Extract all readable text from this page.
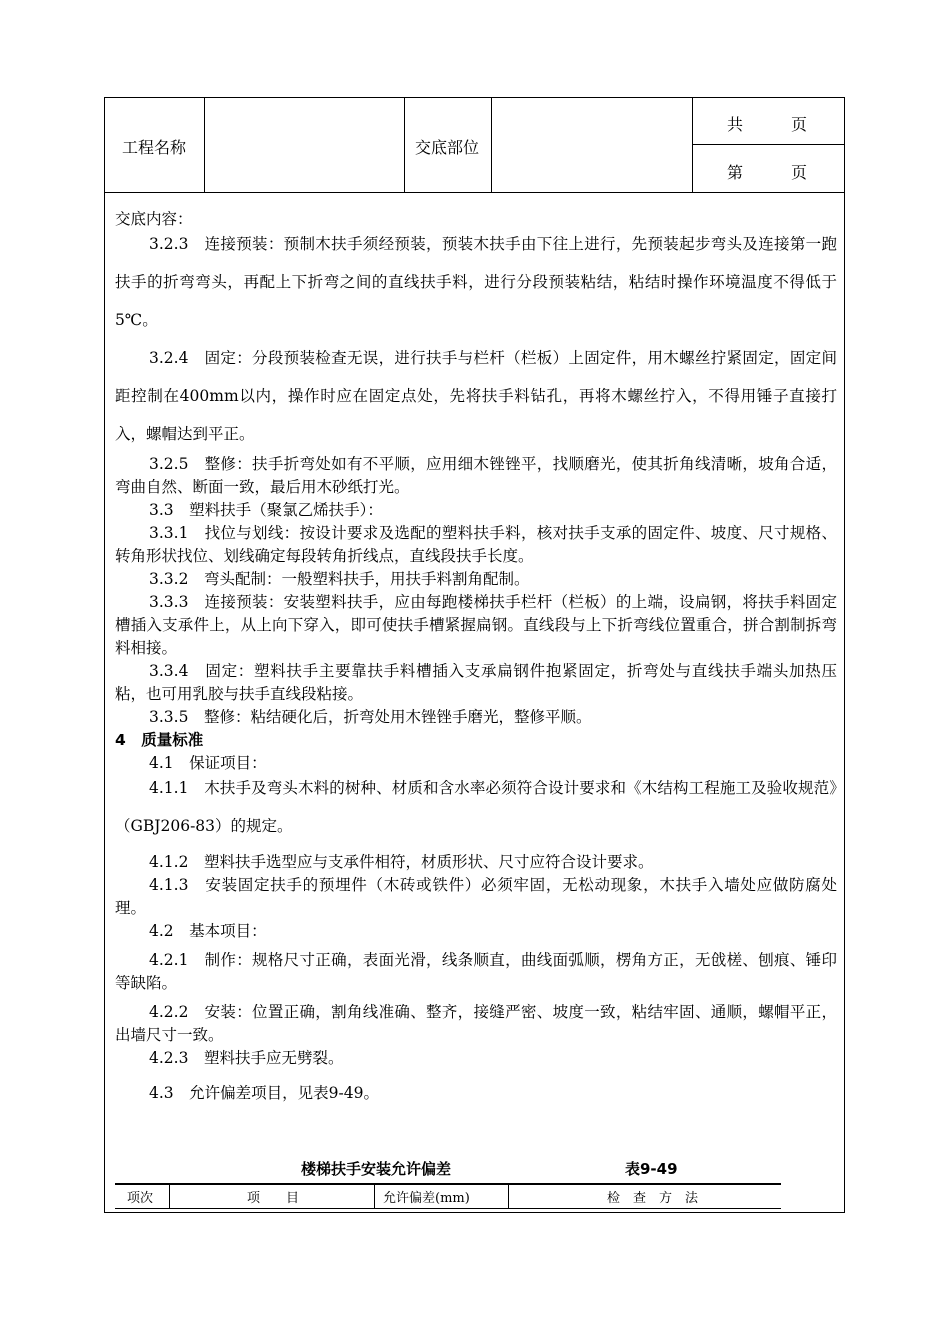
工程名称	交底部位
共　　　页
第　　　页

交底内容：

3.2.3　连接预装：预制木扶手须经预装，预装木扶手由下往上进行，先预装起步弯头及连接第一跑扶手的折弯弯头，再配上下折弯之间的直线扶手料，进行分段预装粘结，粘结时操作环境温度不得低于5℃。

3.2.4　固定：分段预装检查无误，进行扶手与栏杆（栏板）上固定件，用木螺丝拧紧固定，固定间距控制在400mm以内，操作时应在固定点处，先将扶手料钻孔，再将木螺丝拧入，不得用锤子直接打入，螺帽达到平正。

3.2.5　整修：扶手折弯处如有不平顺，应用细木锉锉平，找顺磨光，使其折角线清晰，坡角合适，弯曲自然、断面一致，最后用木砂纸打光。

3.3　塑料扶手（聚氯乙烯扶手）：

3.3.1　找位与划线：按设计要求及选配的塑料扶手料，核对扶手支承的固定件、坡度、尺寸规格、转角形状找位、划线确定每段转角折线点，直线段扶手长度。

3.3.2　弯头配制：一般塑料扶手，用扶手料割角配制。

3.3.3　连接预装：安装塑料扶手，应由每跑楼梯扶手栏杆（栏板）的上端，设扁钢，将扶手料固定槽插入支承件上，从上向下穿入，即可使扶手槽紧握扁钢。直线段与上下折弯线位置重合，拼合割制拆弯料相接。

3.3.4　固定：塑料扶手主要靠扶手料槽插入支承扁钢件抱紧固定，折弯处与直线扶手端头加热压粘，也可用乳胶与扶手直线段粘接。

3.3.5　整修：粘结硬化后，折弯处用木锉锉手磨光，整修平顺。

4　质量标准

4.1　保证项目：

4.1.1　木扶手及弯头木料的树种、材质和含水率必须符合设计要求和《木结构工程施工及验收规范》（GBJ206-83）的规定。

4.1.2　塑料扶手选型应与支承件相符，材质形状、尺寸应符合设计要求。

4.1.3　安装固定扶手的预埋件（木砖或铁件）必须牢固，无松动现象，木扶手入墙处应做防腐处理。

4.2　基本项目：

4.2.1　制作：规格尺寸正确，表面光滑，线条顺直，曲线面弧顺，楞角方正，无戗槎、刨痕、锤印等缺陷。

4.2.2　安装：位置正确，割角线准确、整齐，接缝严密、坡度一致，粘结牢固、通顺，螺帽平正，出墙尺寸一致。

4.2.3　塑料扶手应无劈裂。

4.3　允许偏差项目，见表9-49。

楼梯扶手安装允许偏差	表9-49
项次	项　　目	允许偏差(mm)	检　查　方　法
